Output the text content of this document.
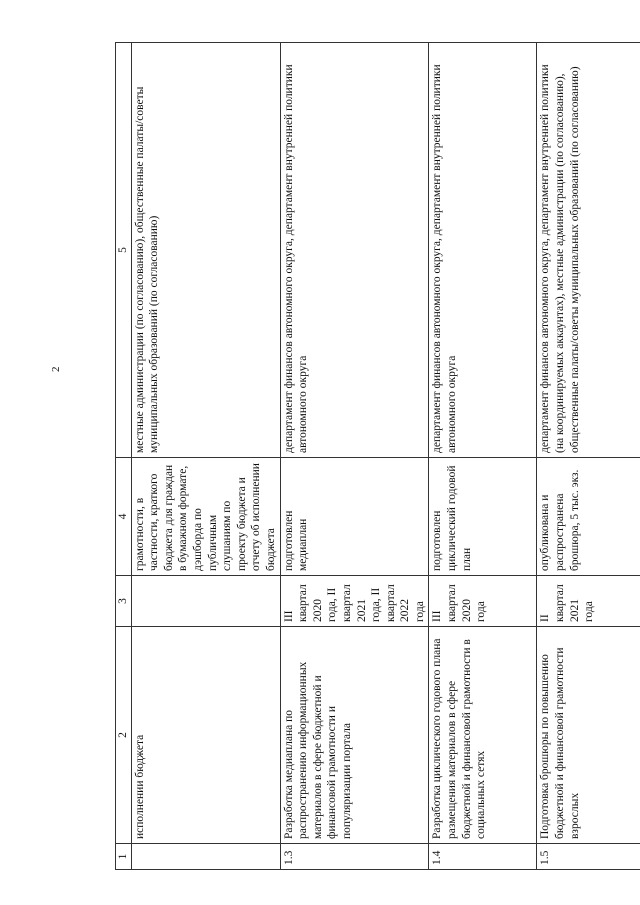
2
1	2	3	4	5
	исполнении бюджета		грамотности, в частности, краткого бюджета для граждан в бумажном формате, дэшборда по публичным слушаниям по проекту бюджета и отчету об исполнении бюджета	местные администрации (по согласованию), общественные палаты/советы муниципальных образований (по согласованию)
1.3	Разработка медиаплана по распространению информационных материалов в сфере бюджетной и финансовой грамотности и популяризации портала	III квартал 2020 года, II квартал 2021 года, II квартал 2022 года	подготовлен медиаплан	департамент финансов автономного округа, департамент внутренней политики автономного округа
1.4	Разработка циклического годового плана размещения материалов в сфере бюджетной и финансовой грамотности в социальных сетях	III квартал 2020 года	подготовлен циклический годовой план	департамент финансов автономного округа, департамент внутренней политики автономного округа
1.5	Подготовка брошюры по повышению бюджетной и финансовой грамотности взрослых	II квартал 2021 года	опубликована и распространена брошюра, 5 тыс. экз.	департамент финансов автономного округа, департамент внутренней политики (на координируемых аккаунтах), местные администрации (по согласованию), общественные палаты/советы муниципальных образований (по согласованию)
